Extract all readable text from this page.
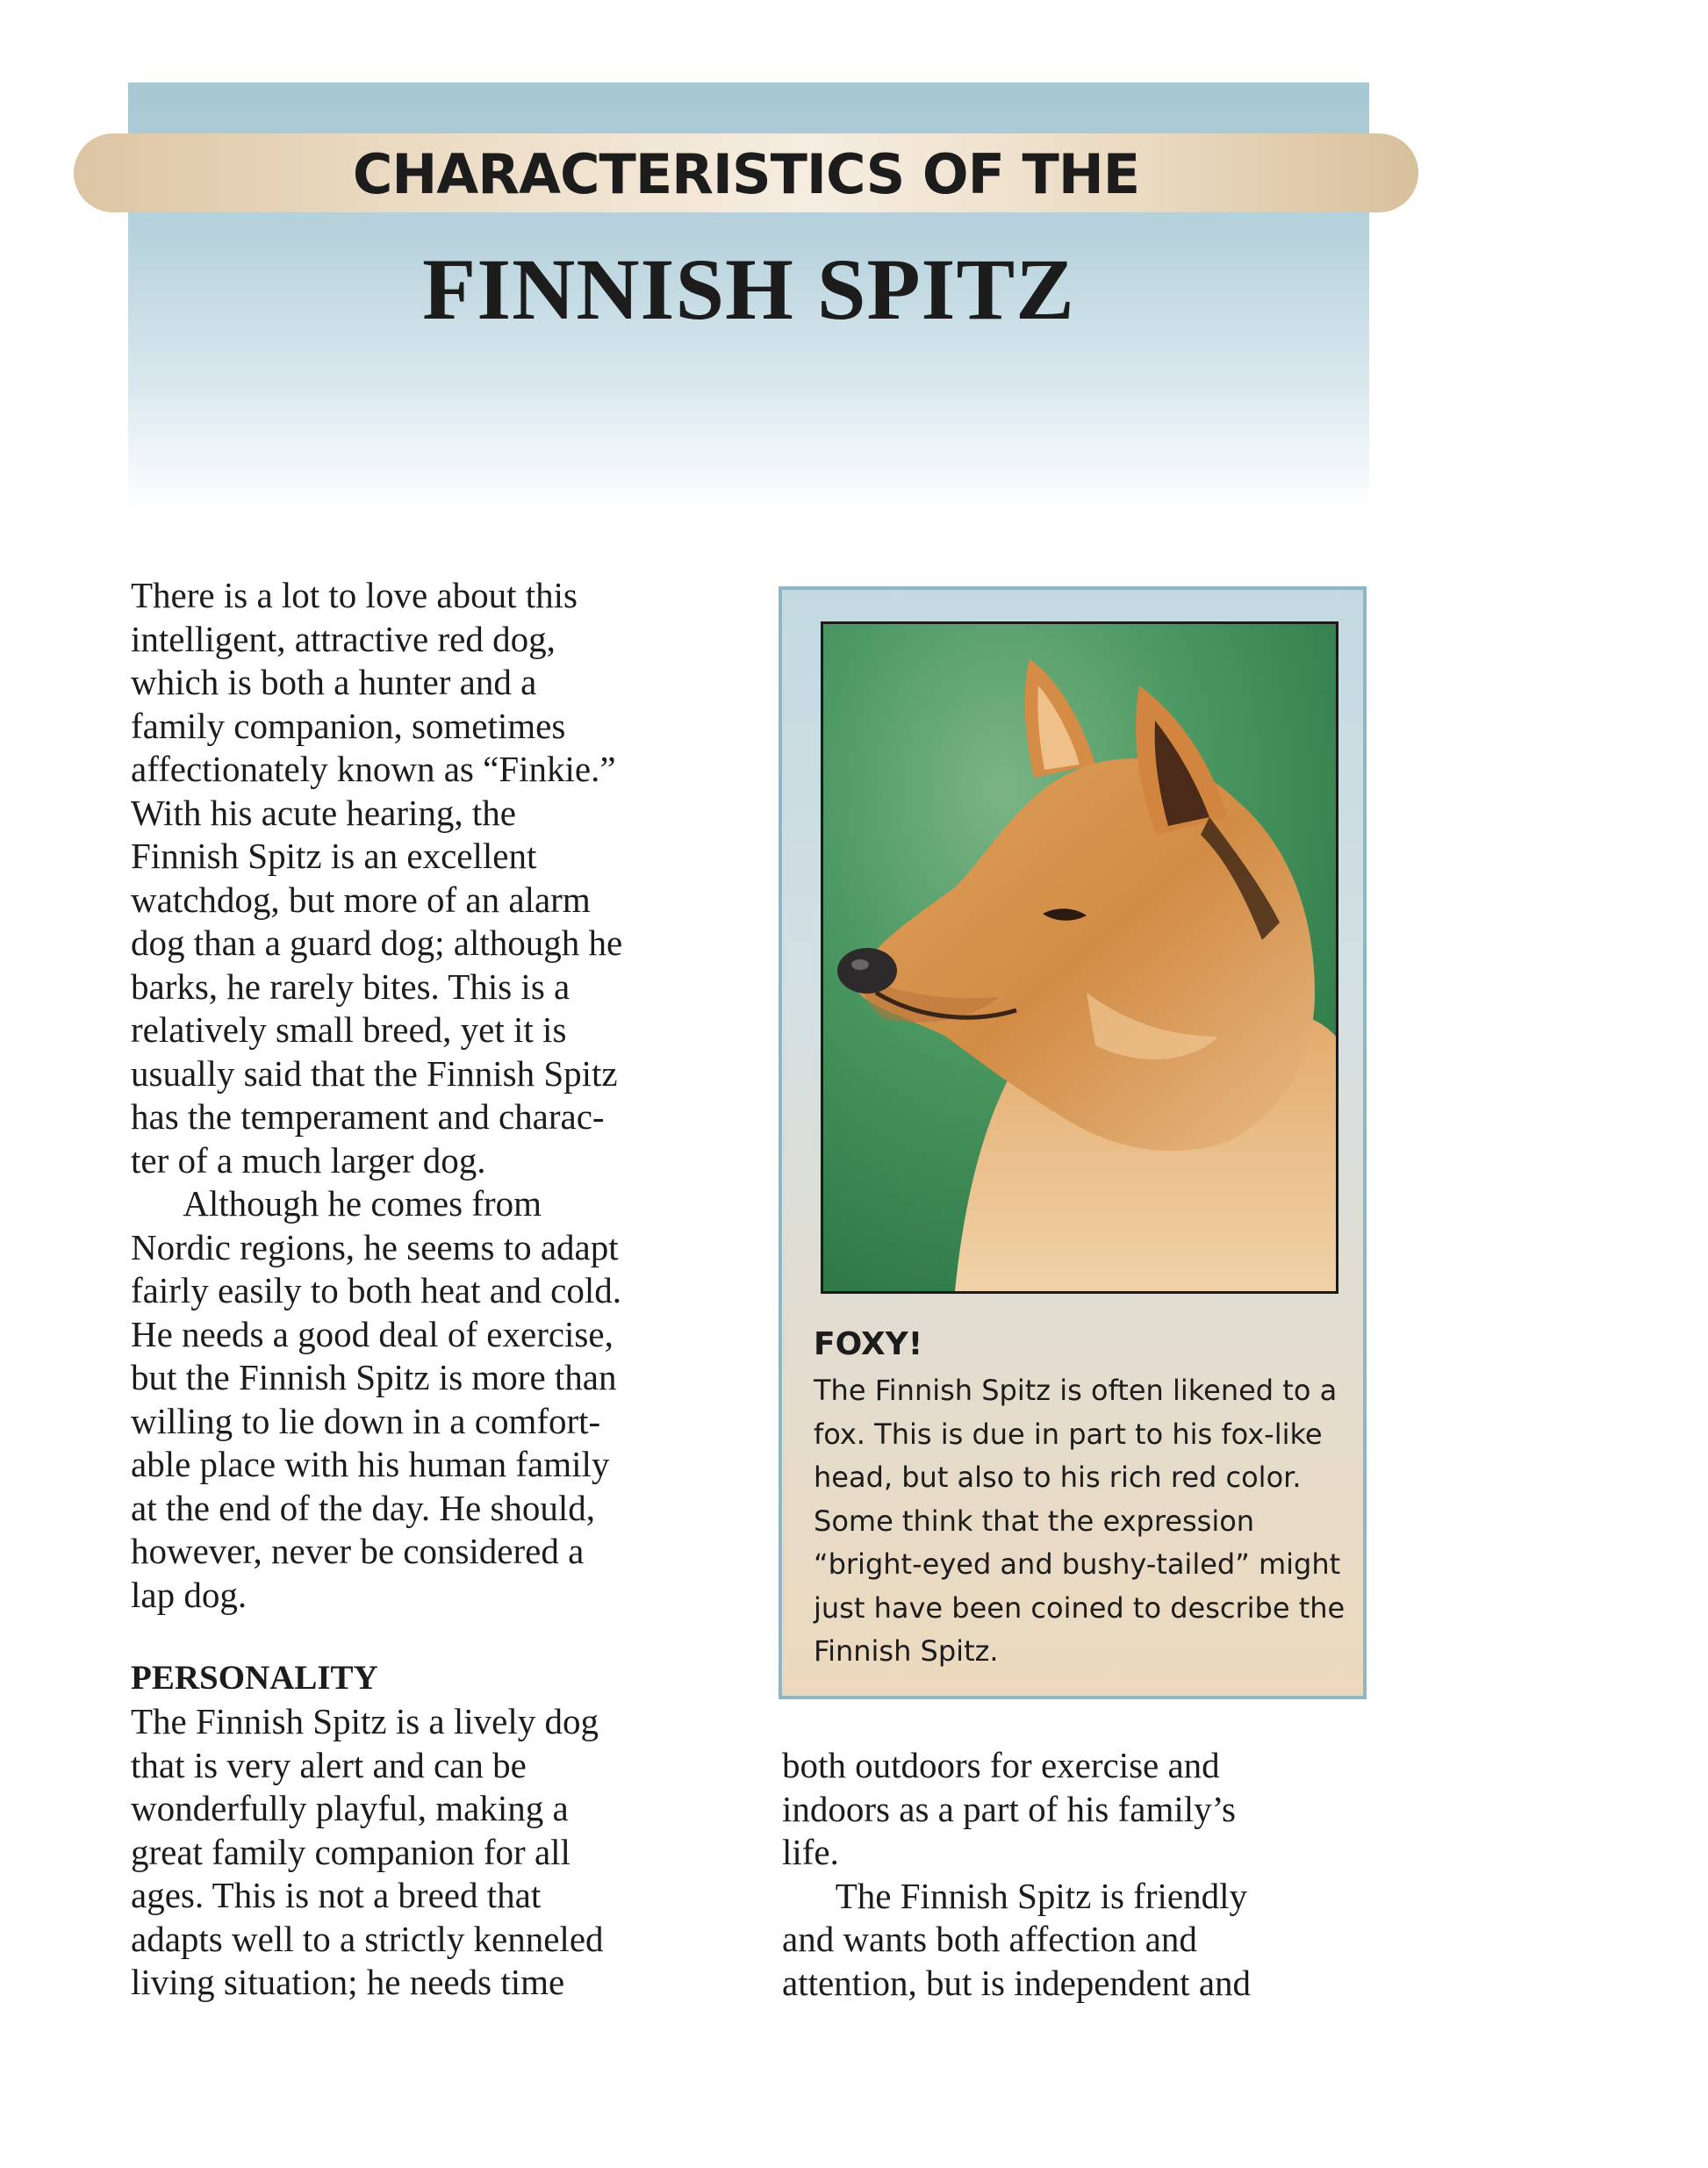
CHARACTERISTICS OF THE
FINNISH SPITZ
There is a lot to love about this
intelligent, attractive red dog,
which is both a hunter and a
family companion, sometimes
affectionately known as “Finkie.”
With his acute hearing, the
Finnish Spitz is an excellent
watchdog, but more of an alarm
dog than a guard dog; although he
barks, he rarely bites. This is a
relatively small breed, yet it is
usually said that the Finnish Spitz
has the temperament and charac-
ter of a much larger dog.
Although he comes from
Nordic regions, he seems to adapt
fairly easily to both heat and cold.
He needs a good deal of exercise,
but the Finnish Spitz is more than
willing to lie down in a comfort-
able place with his human family
at the end of the day. He should,
however, never be considered a
lap dog.
PERSONALITY
The Finnish Spitz is a lively dog
that is very alert and can be
wonderfully playful, making a
great family companion for all
ages. This is not a breed that
adapts well to a strictly kenneled
living situation; he needs time
both outdoors for exercise and
indoors as a part of his family’s
life.
The Finnish Spitz is friendly
and wants both affection and
attention, but is independent and
FOXY!
The Finnish Spitz is often likened to a
fox. This is due in part to his fox-like
head, but also to his rich red color.
Some think that the expression
“bright-eyed and bushy-tailed” might
just have been coined to describe the
Finnish Spitz.
